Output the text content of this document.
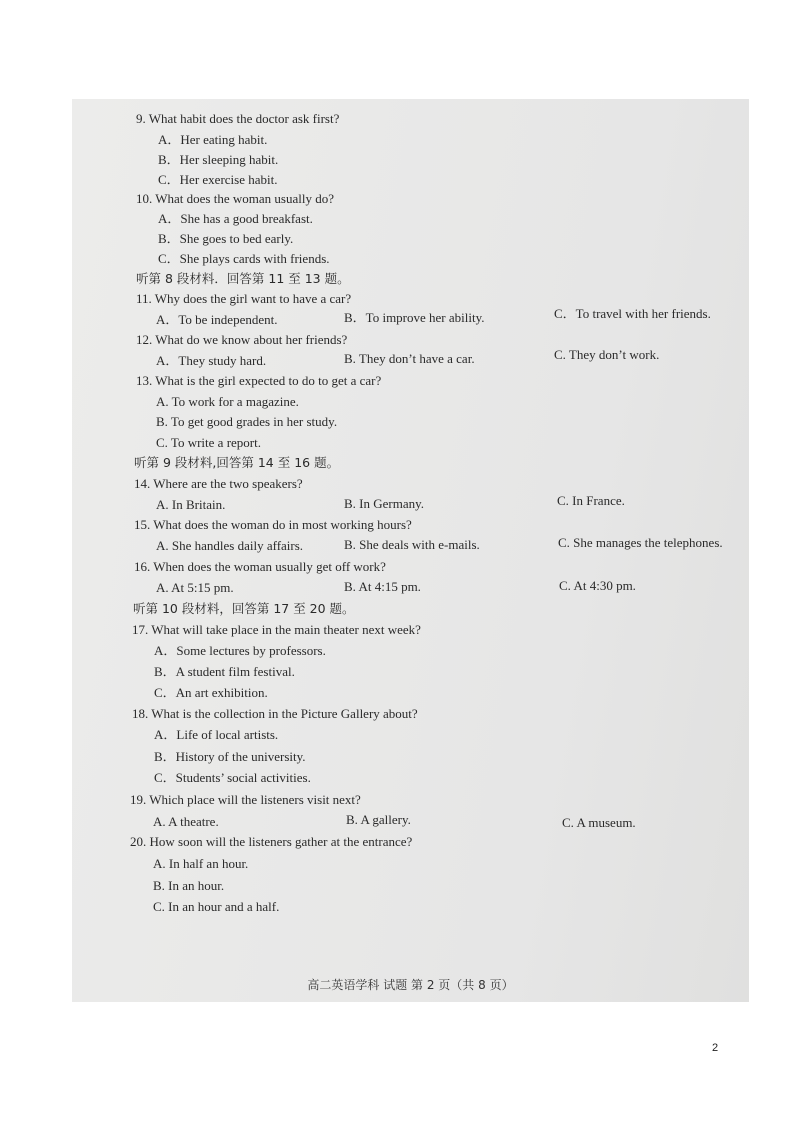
9. What habit does the doctor ask first?
A．Her eating habit.
B．Her sleeping habit.
C．Her exercise habit.
10. What does the woman usually do?
A．She has a good breakfast.
B．She goes to bed early.
C．She plays cards with friends.
听第 8 段材料．回答第 11 至 13 题。
11. Why does the girl want to have a car?
A．To be independent.	B．To improve her ability.	C．To travel with her friends.
12. What do we know about her friends?
A．They study hard.	B. They don’t have a car.	C. They don’t work.
13. What is the girl expected to do to get a car?
A. To work for a magazine.
B. To get good grades in her study.
C. To write a report.
听第 9 段材料,回答第 14 至 16 题。
14. Where are the two speakers?
A. In Britain.	B. In Germany.	C. In France.
15. What does the woman do in most working hours?
A. She handles daily affairs.	B. She deals with e-mails.	C. She manages the telephones.
16. When does the woman usually get off work?
A. At 5:15 pm.	B. At 4:15 pm.	C. At 4:30 pm.
听第 10 段材料，回答第 17 至 20 题。
17. What will take place in the main theater next week?
A．Some lectures by professors.
B．A student film festival.
C．An art exhibition.
18. What is the collection in the Picture Gallery about?
A．Life of local artists.
B．History of the university.
C．Students’ social activities.
19. Which place will the listeners visit next?
A. A theatre.	B. A gallery.	C. A museum.
20. How soon will the listeners gather at the entrance?
A. In half an hour.
B. In an hour.
C. In an hour and a half.
高二英语学科 试题 第 2 页（共 8 页）
2
